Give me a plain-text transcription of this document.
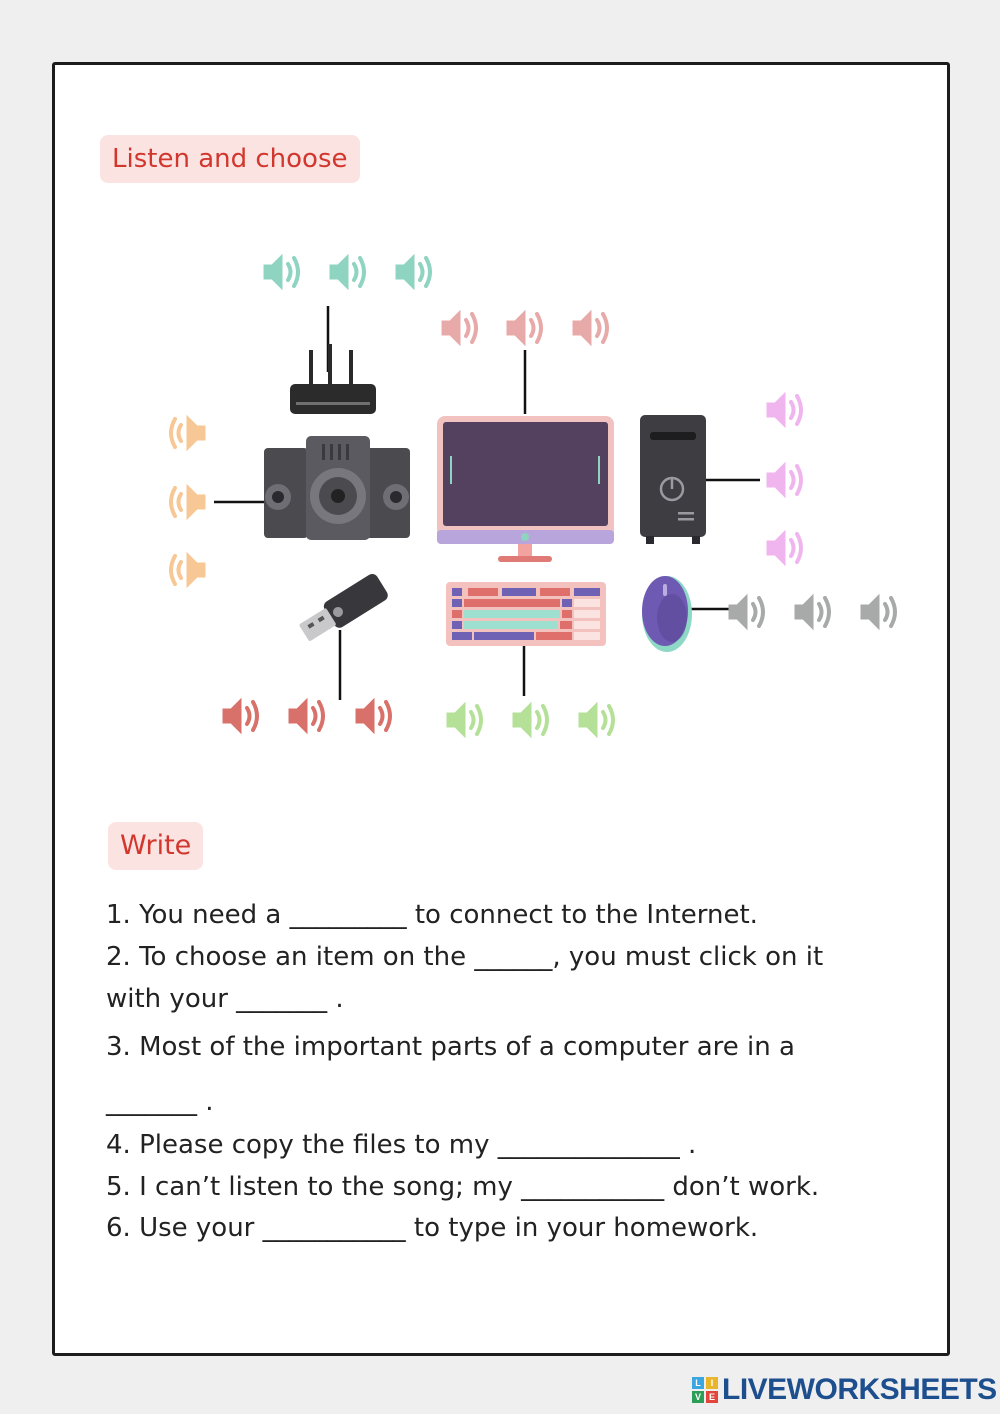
Listen and choose
Write
1. You need a _________ to connect to the Internet.
2. To choose an item on the ______, you must click on it
with your _______ .
3. Most of the important parts of a computer are in a
_______ .
4. Please copy the files to my ______________ .
5. I can’t listen to the song; my ___________ don’t work.
6. Use your ___________ to type in your homework.
L	I
V E LIVEWORKSHEETS
